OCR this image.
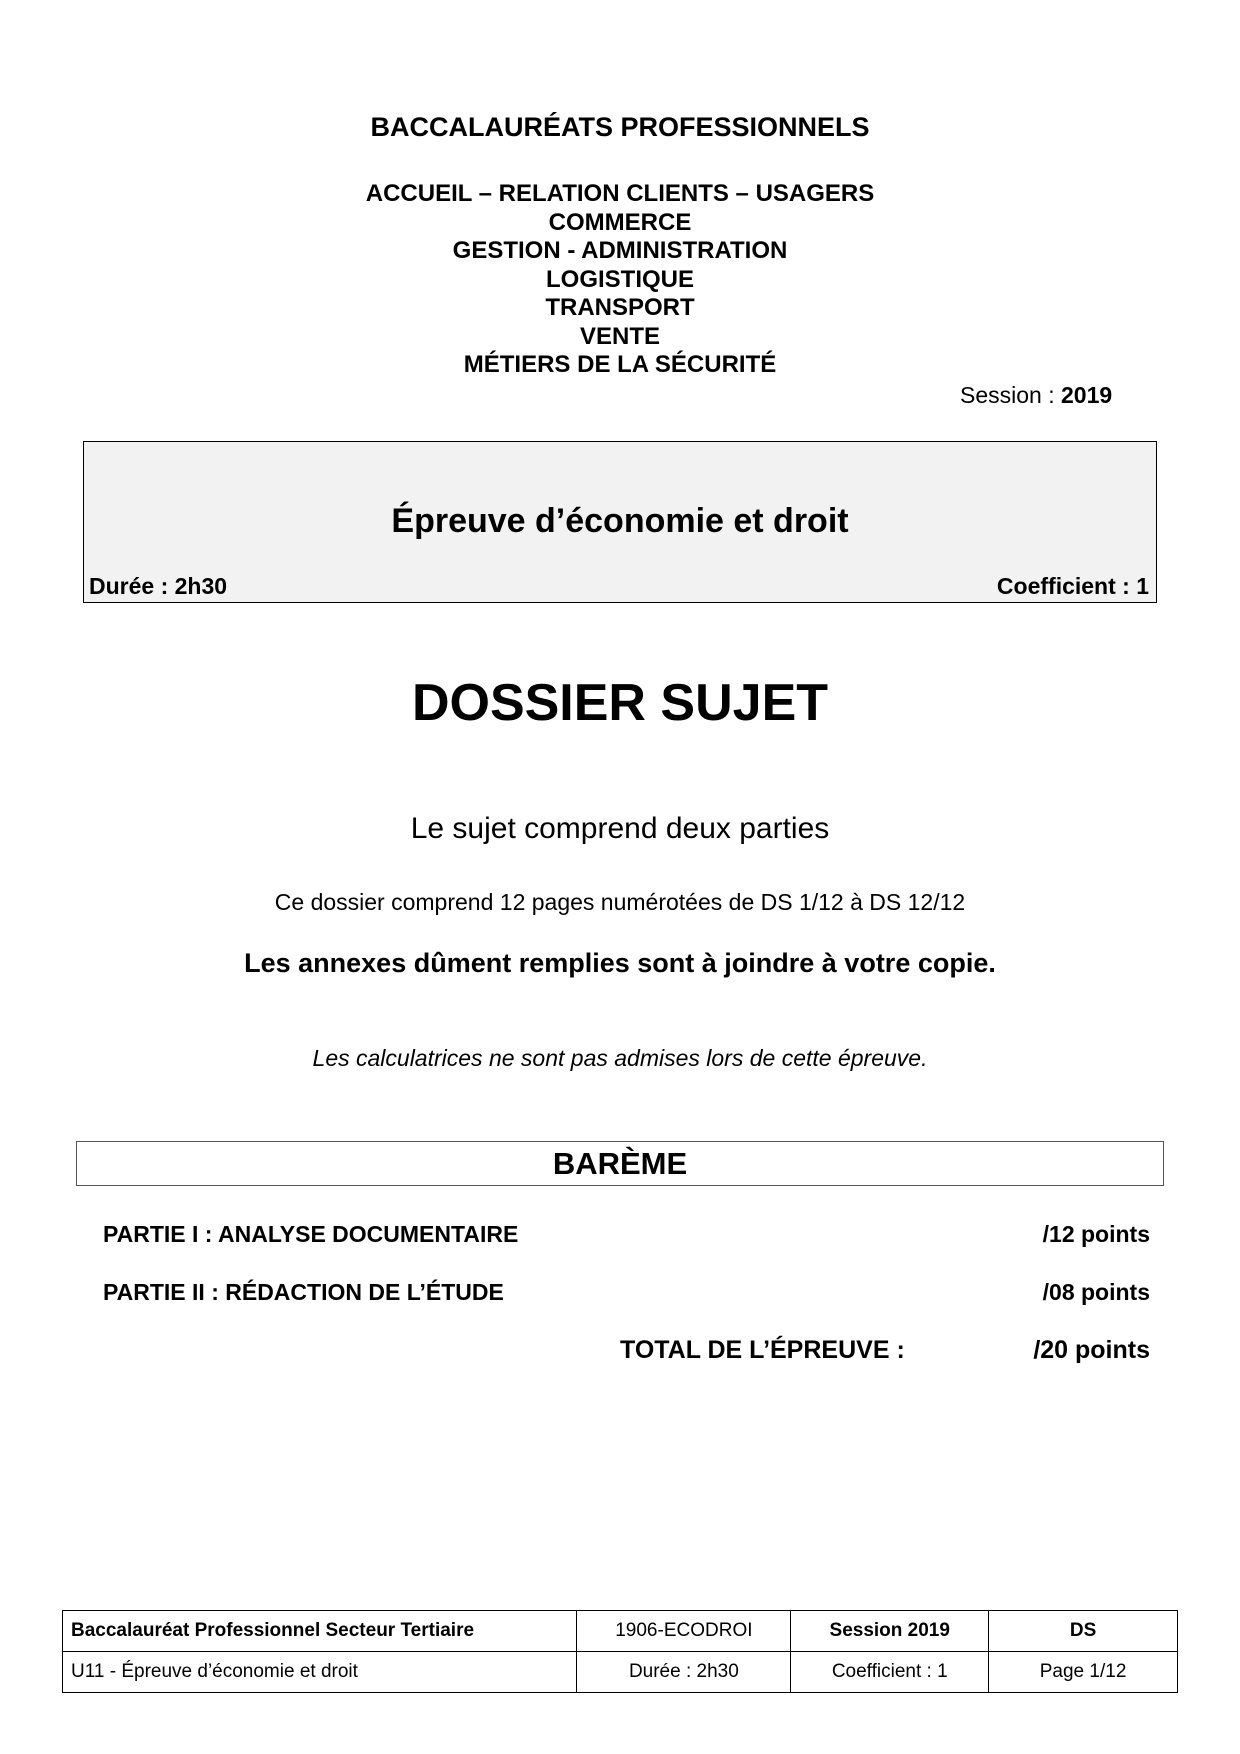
BACCALAURÉATS PROFESSIONNELS
ACCUEIL – RELATION CLIENTS – USAGERS
COMMERCE
GESTION - ADMINISTRATION
LOGISTIQUE
TRANSPORT
VENTE
MÉTIERS DE LA SÉCURITÉ
Session : 2019
Épreuve d’économie et droit
Durée : 2h30	Coefficient : 1
DOSSIER SUJET
Le sujet comprend deux parties
Ce dossier comprend 12 pages numérotées de DS 1/12 à DS 12/12
Les annexes dûment remplies sont à joindre à votre copie.
Les calculatrices ne sont pas admises lors de cette épreuve.
BARÈME
PARTIE I : ANALYSE DOCUMENTAIRE	/12 points
PARTIE II : RÉDACTION DE L’ÉTUDE	/08 points
TOTAL DE L’ÉPREUVE :	/20 points
Baccalauréat Professionnel Secteur Tertiaire	1906-ECODROI	Session 2019	DS
U11 - Épreuve d’économie et droit	Durée : 2h30	Coefficient : 1	Page 1/12
